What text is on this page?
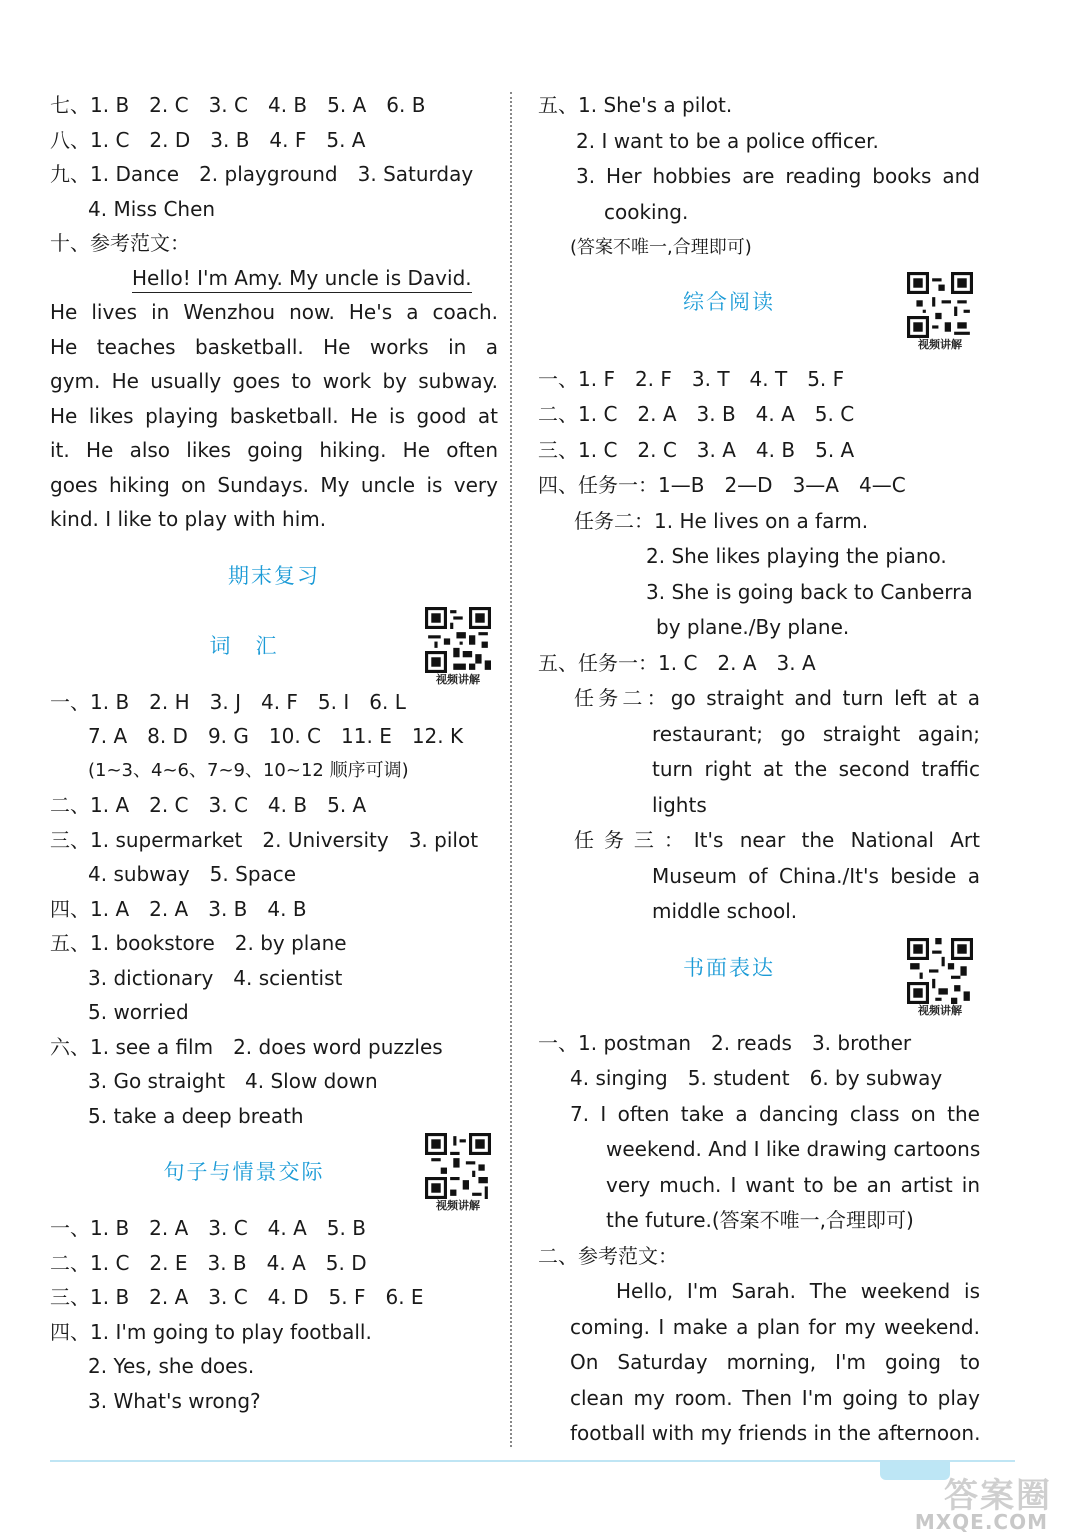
七、1. B　2. C　3. C　4. B　5. A　6. B
八、1. C　2. D　3. B　4. F　5. A
九、1. Dance　2. playground　3. Saturday
4. Miss Chen
十、参考范文：
Hello! I'm Amy. My uncle is David.
He lives in Wenzhou now. He's a coach.
He teaches basketball. He works in a
gym. He usually goes to work by subway.
He likes playing basketball. He is good at
it. He also likes going hiking. He often
goes hiking on Sundays. My uncle is very
kind. I like to play with him.
期末复习
词　汇
视频讲解
一、1. B　2. H　3. J　4. F　5. I　6. L
7. A　8. D　9. G　10. C　11. E　12. K
(1~3、4~6、7~9、10~12 顺序可调)
二、1. A　2. C　3. C　4. B　5. A
三、1. supermarket　2. University　3. pilot
4. subway　5. Space
四、1. A　2. A　3. B　4. B
五、1. bookstore　2. by plane
3. dictionary　4. scientist
5. worried
六、1. see a film　2. does word puzzles
3. Go straight　4. Slow down
5. take a deep breath
句子与情景交际
视频讲解
一、1. B　2. A　3. C　4. A　5. B
二、1. C　2. E　3. B　4. A　5. D
三、1. B　2. A　3. C　4. D　5. F　6. E
四、1. I'm going to play football.
2. Yes, she does.
3. What's wrong?
五、1. She's a pilot.
2. I want to be a police officer.
3. Her hobbies are reading books and
cooking.
(答案不唯一,合理即可)
综合阅读
视频讲解
一、1. F　2. F　3. T　4. T　5. F
二、1. C　2. A　3. B　4. A　5. C
三、1. C　2. C　3. A　4. B　5. A
四、任务一：1—B　2—D　3—A　4—C
任务二：1. He lives on a farm.
2. She likes playing the piano.
3. She is going back to Canberra
by plane./By plane.
五、任务一：1. C　2. A　3. A
任务二：go straight and turn left at a
restaurant; go straight again;
turn right at the second traffic
lights
任务三：It's near the National Art
Museum of China./It's beside a
middle school.
书面表达
视频讲解
一、1. postman　2. reads　3. brother
4. singing　5. student　6. by subway
7. I often take a dancing class on the
weekend. And I like drawing cartoons
very much. I want to be an artist in
the future.(答案不唯一,合理即可)
二、参考范文：
Hello, I'm Sarah. The weekend is
coming. I make a plan for my weekend.
On Saturday morning, I'm going to
clean my room. Then I'm going to play
football with my friends in the afternoon.
答案圈
MXQE.COM
